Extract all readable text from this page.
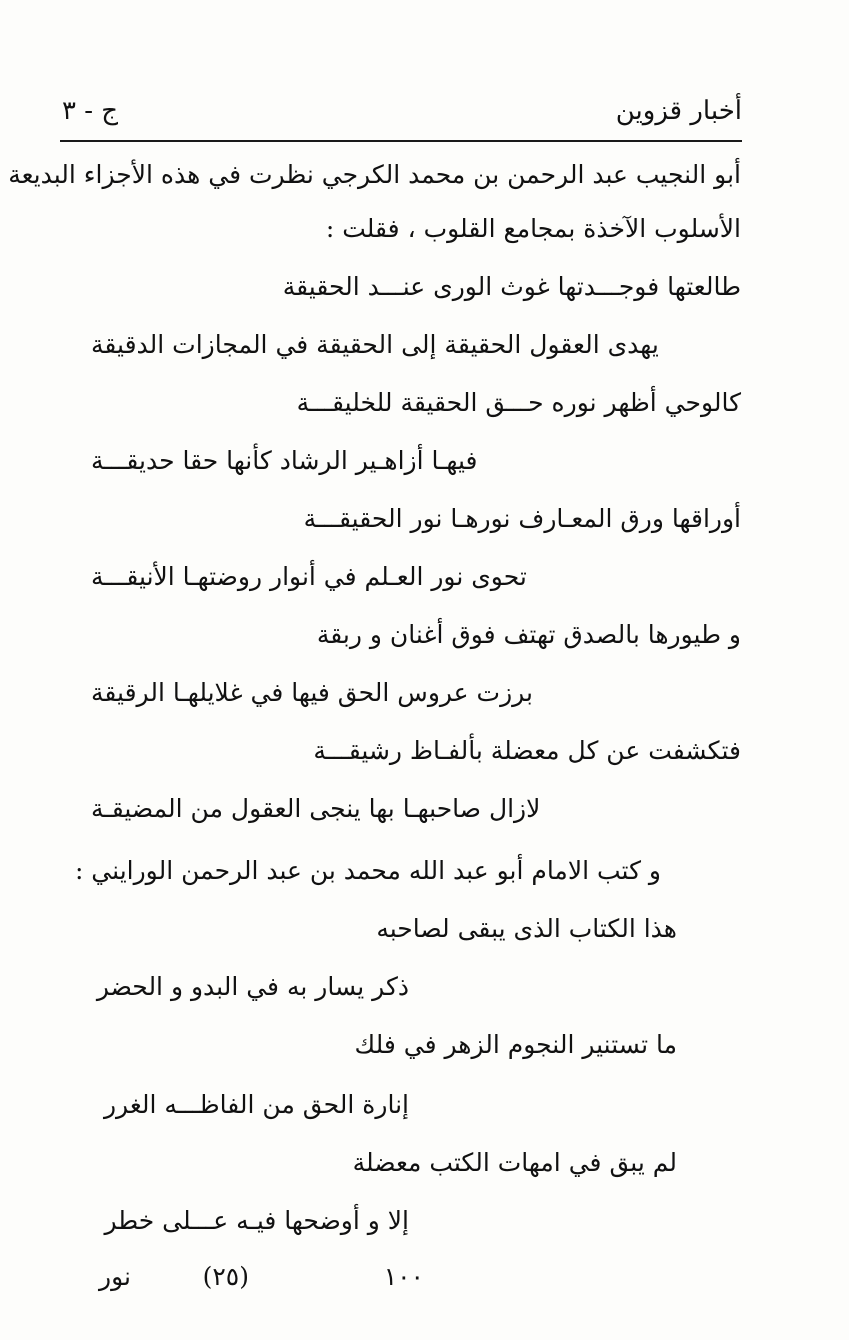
أخبار قزوين
ج - ٣
أبو النجيب عبد الرحمن بن محمد الكرجي نظرت في هذه الأجزاء البديعة
الأسلوب الآخذة بمجامع القلوب ، فقلت :
طالعتها فوجـــدتها غوث الورى عنـــد الحقيقة
يهدى العقول الحقيقة إلى الحقيقة في المجازات الدقيقة
كالوحي أظهر نوره حـــق الحقيقة للخليقـــة
فيهـا أزاهـير الرشاد كأنها حقا حديقـــة
أوراقها ورق المعـارف نورهـا نور الحقيقـــة
تحوى نور العـلم في أنوار روضتهـا الأنيقـــة
و طيورها بالصدق تهتف فوق أغنان و ربقة
برزت عروس الحق فيها في غلايلهـا الرقيقة
فتكشفت عن كل معضلة بألفـاظ رشيقـــة
لازال صاحبهـا بها ينجى العقول من المضيقـة
و كتب الامام أبو عبد الله محمد بن عبد الرحمن الورايني :
هذا الكتاب الذى يبقى لصاحبه
ذكر يسار به في البدو و الحضر
ما تستنير النجوم الزهر في فلك
إنارة الحق من الفاظـــه الغرر
لم يبق في امهات الكتب معضلة
إلا و أوضحها فيـه عـــلى خطر
١٠٠
(٢٥)
نور
